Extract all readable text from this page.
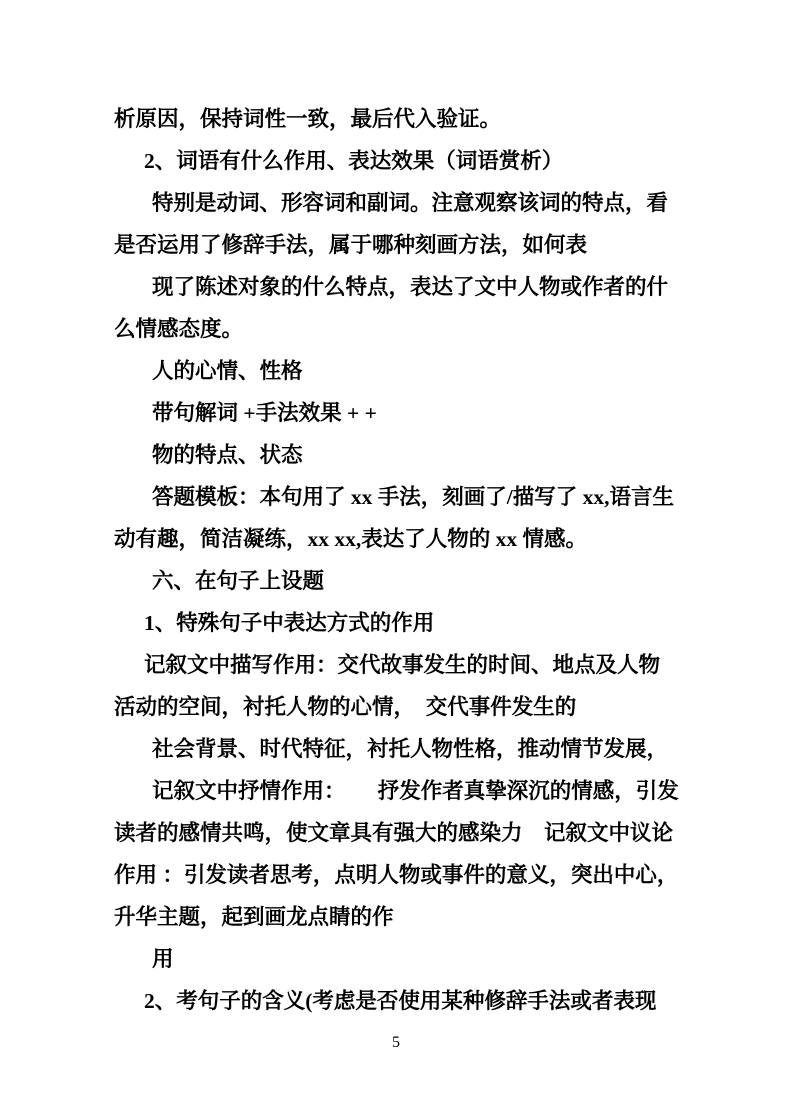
析原因，保持词性一致，最后代入验证。
2、词语有什么作用、表达效果（词语赏析）
特别是动词、形容词和副词。注意观察该词的特点，看
是否运用了修辞手法，属于哪种刻画方法，如何表
现了陈述对象的什么特点，表达了文中人物或作者的什
么情感态度。
人的心情、性格
带句解词 +手法效果 + +
物的特点、状态
答题模板：本句用了 xx 手法，刻画了/描写了 xx,语言生
动有趣，简洁凝练，xx xx,表达了人物的 xx 情感。
六、在句子上设题
1、特殊句子中表达方式的作用
记叙文中描写作用：交代故事发生的时间、地点及人物
活动的空间，衬托人物的心情，　交代事件发生的
社会背景、时代特征，衬托人物性格，推动情节发展，
记叙文中抒情作用：　　抒发作者真挚深沉的情感，引发
读者的感情共鸣，使文章具有强大的感染力　记叙文中议论
作用 ：引发读者思考，点明人物或事件的意义，突出中心，
升华主题，起到画龙点睛的作
用
2、考句子的含义(考虑是否使用某种修辞手法或者表现
5
